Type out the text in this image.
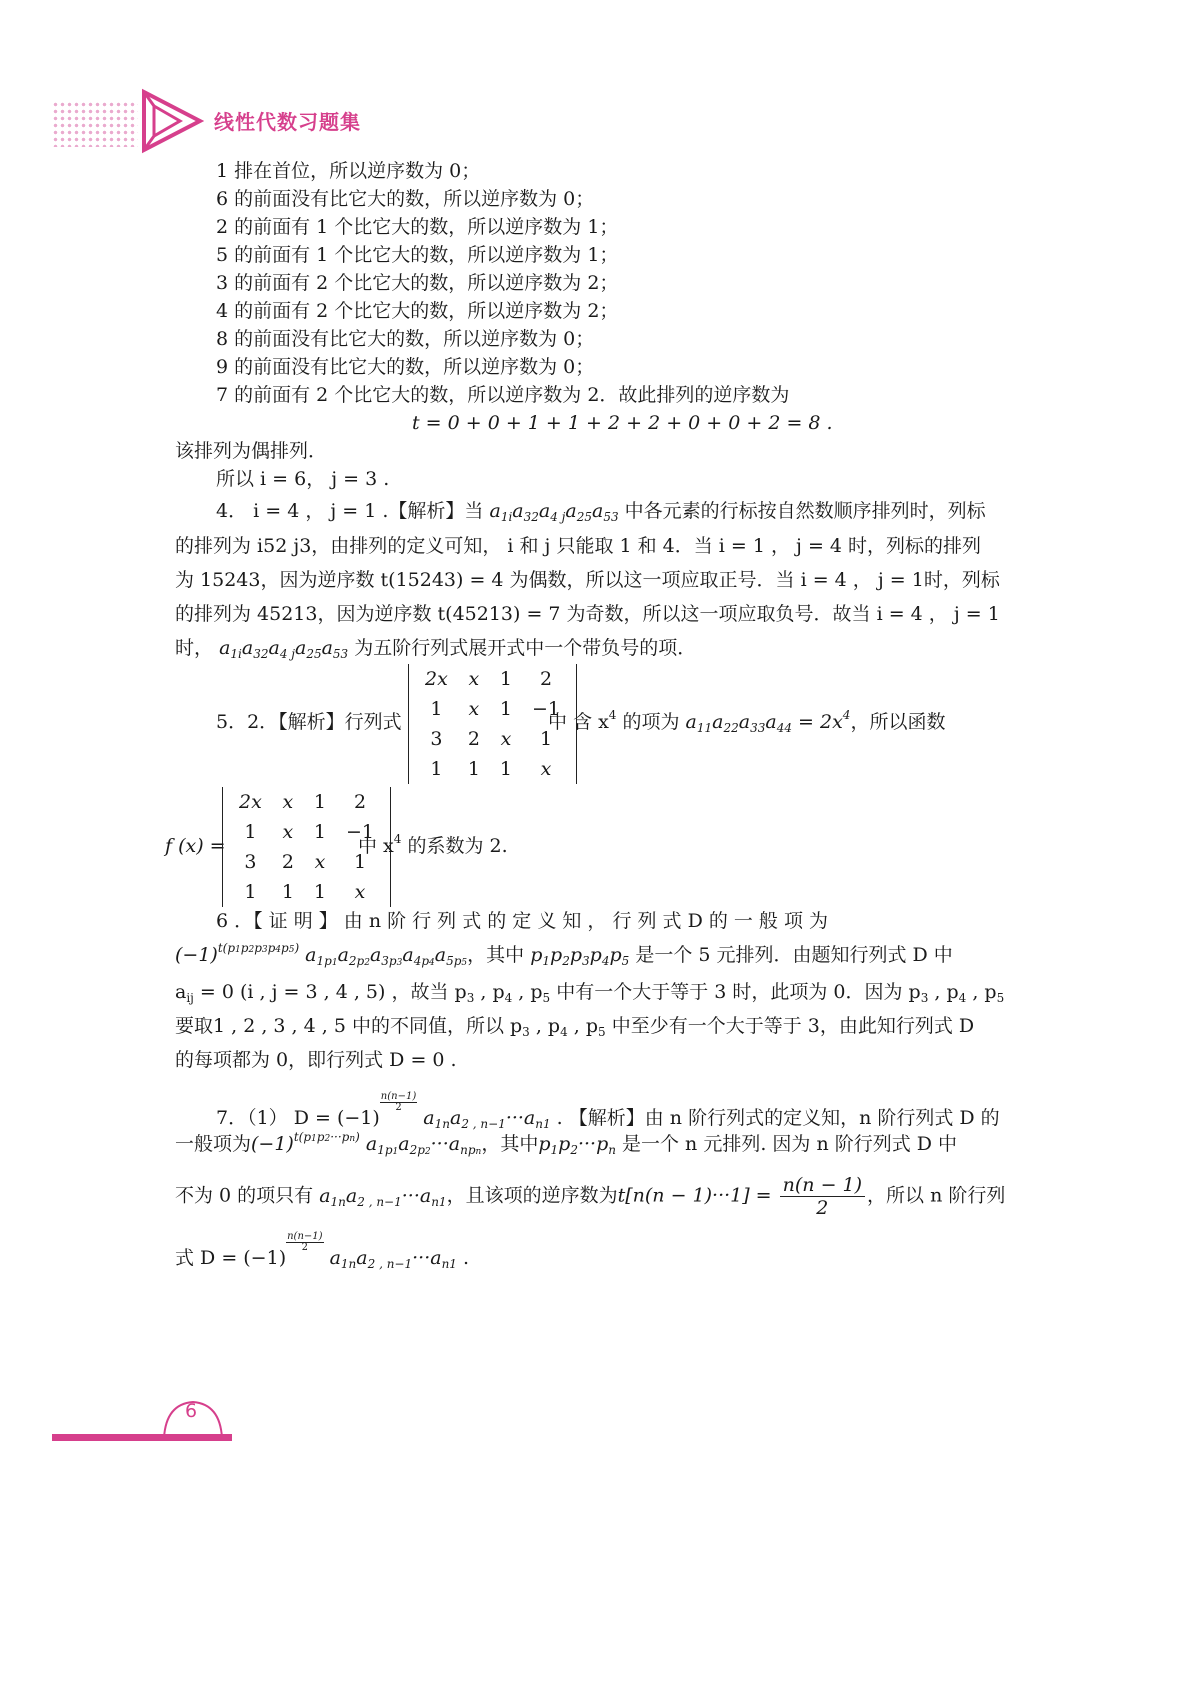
线性代数习题集
1 排在首位，所以逆序数为 0；
6 的前面没有比它大的数，所以逆序数为 0；
2 的前面有 1 个比它大的数，所以逆序数为 1；
5 的前面有 1 个比它大的数，所以逆序数为 1；
3 的前面有 2 个比它大的数，所以逆序数为 2；
4 的前面有 2 个比它大的数，所以逆序数为 2；
8 的前面没有比它大的数，所以逆序数为 0；
9 的前面没有比它大的数，所以逆序数为 0；
7 的前面有 2 个比它大的数，所以逆序数为 2．故此排列的逆序数为
t = 0 + 0 + 1 + 1 + 2 + 2 + 0 + 0 + 2 = 8 .
该排列为偶排列．
所以 i = 6， j = 3 .
4． i = 4 ， j = 1 .【解析】当 $a_{1i}a_{32}a_{4 j}a_{25}a_{53}$ 中各元素的行标按自然数顺序排列时，列标
的排列为 i52 j3，由排列的定义可知， i 和 j 只能取 1 和 4．当 i = 1 ， j = 4 时，列标的排列
为 15243，因为逆序数 t(15243) = 4 为偶数，所以这一项应取正号．当 i = 4 ， j = 1时，列标
的排列为 45213，因为逆序数 t(45213) = 7 为奇数，所以这一项应取负号．故当 i = 4 ， j = 1
时， $a_{1i}a_{32}a_{4 j}a_{25}a_{53}$ 为五阶行列式展开式中一个带负号的项．
5．2．【解析】行列式
2x	x	1	2
1	x	1	−1
3	2	x	1
1	1	1	x
中 含 $x^4$ 的项为 $a_{11}a_{22}a_{33}a_{44} = 2x^4$，所以函数
f (x) =
2x	x	1	2
1	x	1	−1
3	2	x	1
1	1	1	x
中 $x^4$ 的系数为 2.
6 ．【 证 明 】 由 n 阶 行 列 式 的 定 义 知 ， 行 列 式 D 的 一 般 项 为
$(-1)^{t(p1p2p3p4p5)}$ $a_{1p1}a_{2p2}a_{3p3}a_{4p4}a_{5p5}$，其中 $p_1p_2p_3p_4p_5$ 是一个 5 元排列．由题知行列式 D 中
$a_{ij} = 0$ (i , j = 3 , 4 , 5) ，故当 $p_3$ , $p_4$ , $p_5$ 中有一个大于等于 3 时，此项为 0．因为 $p_3$ , $p_4$ , $p_5$
要取1 , 2 , 3 , 4 , 5 中的不同值，所以 $p_3$ , $p_4$ , $p_5$ 中至少有一个大于等于 3，由此知行列式 D
的每项都为 0，即行列式 D = 0 .
7．（1） D = (−1)
$\frac{n(n-1)}{2}$
$a_{1n}a_{2 , n-1}\cdot\cdot\cdot a_{n1}$ . 【解析】由 n 阶行列式的定义知，n 阶行列式 D 的
一般项为$(-1)^{t(p1p2\cdot\cdot\cdot pn)}$ $a_{1p1}a_{2p2}\cdot\cdot\cdot a_{npn}$，其中$p_1p_2\cdot\cdot\cdot p_n$ 是一个 n 元排列. 因为 n 阶行列式 D 中
不为 0 的项只有 $a_{1n}a_{2 , n-1}\cdot\cdot\cdot a_{n1}$，且该项的逆序数为$t[n(n - 1)\cdot\cdot\cdot 1] = \frac{n(n - 1)}{2}$ ，所以 n 阶行列
式 D = (−1)
$\frac{n(n-1)}{2}$
$a_{1n}a_{2 , n-1}\cdot\cdot\cdot a_{n1}$ .
6
